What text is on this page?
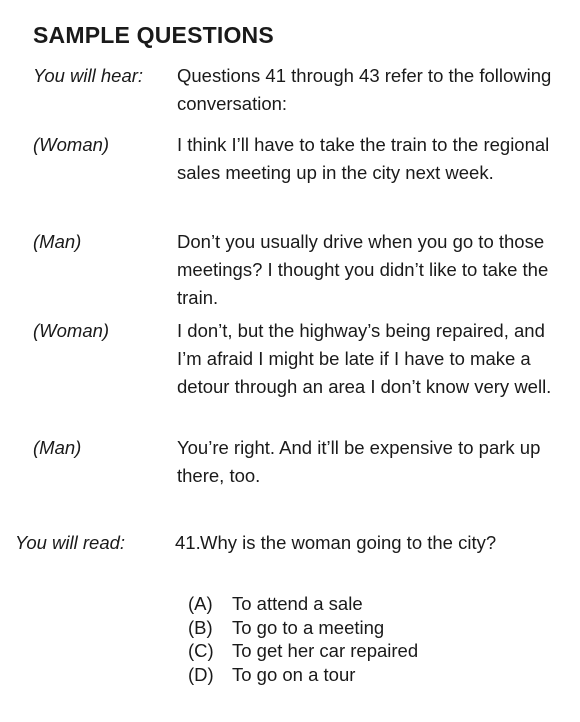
SAMPLE QUESTIONS
You will hear: Questions 41 through 43 refer to the following conversation:
(Woman)	I think I’ll have to take the train to the regional sales meeting up in the city next week.
(Man)	Don’t you usually drive when you go to those meetings? I thought you didn’t like to take the train.
(Woman)	I don’t, but the highway’s being repaired, and I’m afraid I might be late if I have to make a detour through an area I don’t know very well.
(Man)	You’re right. And it’ll be expensive to park up there, too.
You will read:	41.Why is the woman going to the city?
(A)	To attend a sale
(B)	To go to a meeting
(C) To get her car repaired
(D) To go on a tour
